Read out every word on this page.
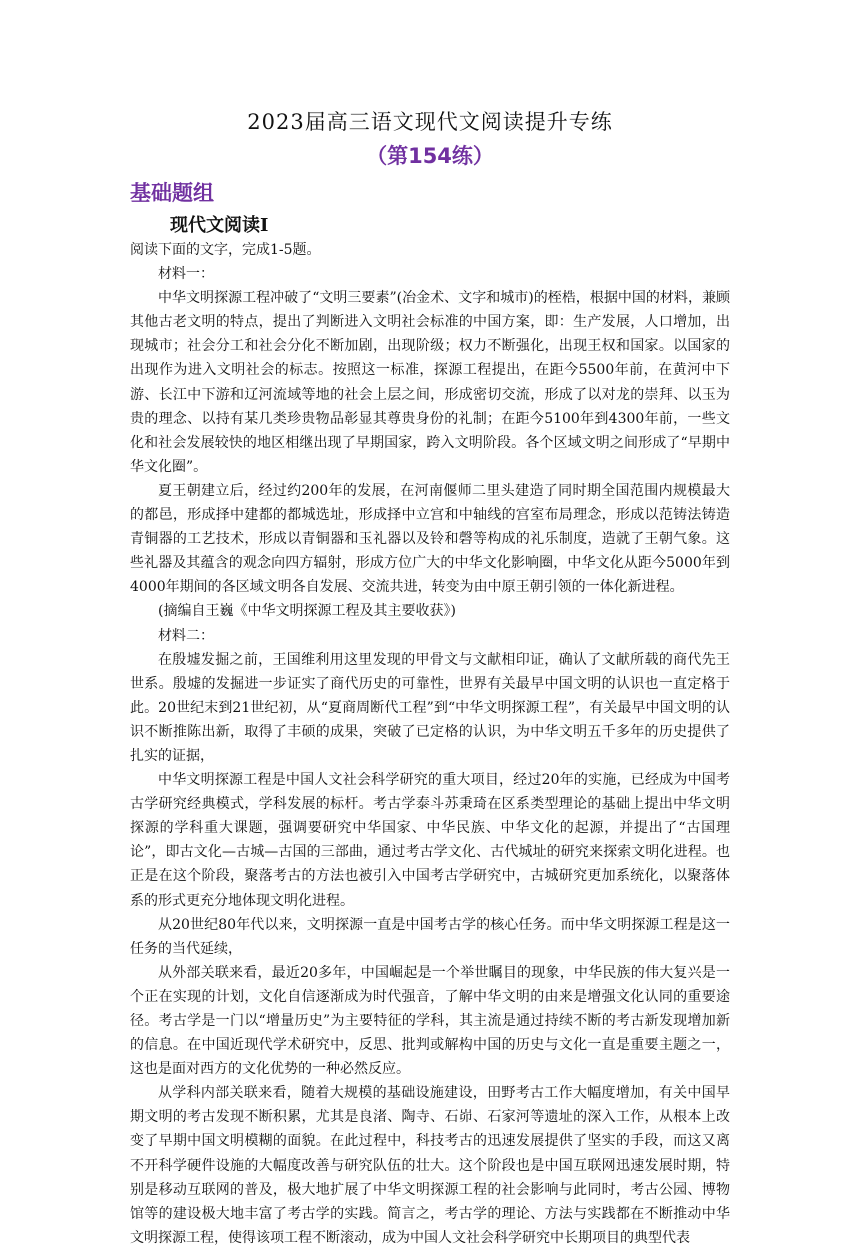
2023届高三语文现代文阅读提升专练
（第154练）
基础题组
现代文阅读Ⅰ

阅读下面的文字，完成1-5题。

材料一：

中华文明探源工程冲破了“文明三要素”(冶金术、文字和城市)的桎梏，根据中国的材料，兼顾其他古老文明的特点，提出了判断进入文明社会标准的中国方案，即：生产发展，人口增加，出现城市；社会分工和社会分化不断加剧，出现阶级；权力不断强化，出现王权和国家。以国家的出现作为进入文明社会的标志。按照这一标准，探源工程提出，在距今5500年前，在黄河中下游、长江中下游和辽河流域等地的社会上层之间，形成密切交流，形成了以对龙的崇拜、以玉为贵的理念、以持有某几类珍贵物品彰显其尊贵身份的礼制；在距今5100年到4300年前，一些文化和社会发展较快的地区相继出现了早期国家，跨入文明阶段。各个区域文明之间形成了“早期中华文化圈”。

夏王朝建立后，经过约200年的发展，在河南偃师二里头建造了同时期全国范围内规模最大的都邑，形成择中建都的都城选址，形成择中立宫和中轴线的宫室布局理念，形成以范铸法铸造青铜器的工艺技术，形成以青铜器和玉礼器以及铃和磬等构成的礼乐制度，造就了王朝气象。这些礼器及其蕴含的观念向四方辐射，形成方位广大的中华文化影响圈，中华文化从距今5000年到4000年期间的各区域文明各自发展、交流共进，转变为由中原王朝引领的一体化新进程。

(摘编自王巍《中华文明探源工程及其主要收获》)

材料二：

在殷墟发掘之前，王国维利用这里发现的甲骨文与文献相印证，确认了文献所载的商代先王世系。殷墟的发掘进一步证实了商代历史的可靠性，世界有关最早中国文明的认识也一直定格于此。20世纪末到21世纪初，从“夏商周断代工程”到“中华文明探源工程”，有关最早中国文明的认识不断推陈出新，取得了丰硕的成果，突破了已定格的认识，为中华文明五千多年的历史提供了扎实的证据，

中华文明探源工程是中国人文社会科学研究的重大项目，经过20年的实施，已经成为中国考古学研究经典模式，学科发展的标杆。考古学泰斗苏秉琦在区系类型理论的基础上提出中华文明探源的学科重大课题，强调要研究中华国家、中华民族、中华文化的起源，并提出了“古国理论”，即古文化—古城—古国的三部曲，通过考古学文化、古代城址的研究来探索文明化进程。也正是在这个阶段，聚落考古的方法也被引入中国考古学研究中，古城研究更加系统化，以聚落体系的形式更充分地体现文明化进程。

从20世纪80年代以来，文明探源一直是中国考古学的核心任务。而中华文明探源工程是这一任务的当代延续，

从外部关联来看，最近20多年，中国崛起是一个举世瞩目的现象，中华民族的伟大复兴是一个正在实现的计划，文化自信逐渐成为时代强音，了解中华文明的由来是增强文化认同的重要途径。考古学是一门以“增量历史”为主要特征的学科，其主流是通过持续不断的考古新发现增加新的信息。在中国近现代学术研究中，反思、批判或解构中国的历史与文化一直是重要主题之一，这也是面对西方的文化优势的一种必然反应。

从学科内部关联来看，随着大规模的基础设施建设，田野考古工作大幅度增加，有关中国早期文明的考古发现不断积累，尤其是良渚、陶寺、石峁、石家河等遗址的深入工作，从根本上改变了早期中国文明模糊的面貌。在此过程中，科技考古的迅速发展提供了坚实的手段，而这又离不开科学硬件设施的大幅度改善与研究队伍的壮大。这个阶段也是中国互联网迅速发展时期，特别是移动互联网的普及，极大地扩展了中华文明探源工程的社会影响与此同时，考古公园、博物馆等的建设极大地丰富了考古学的实践。简言之，考古学的理论、方法与实践都在不断推动中华文明探源工程，使得该项工程不断滚动，成为中国人文社会科学研究中长期项目的典型代表
